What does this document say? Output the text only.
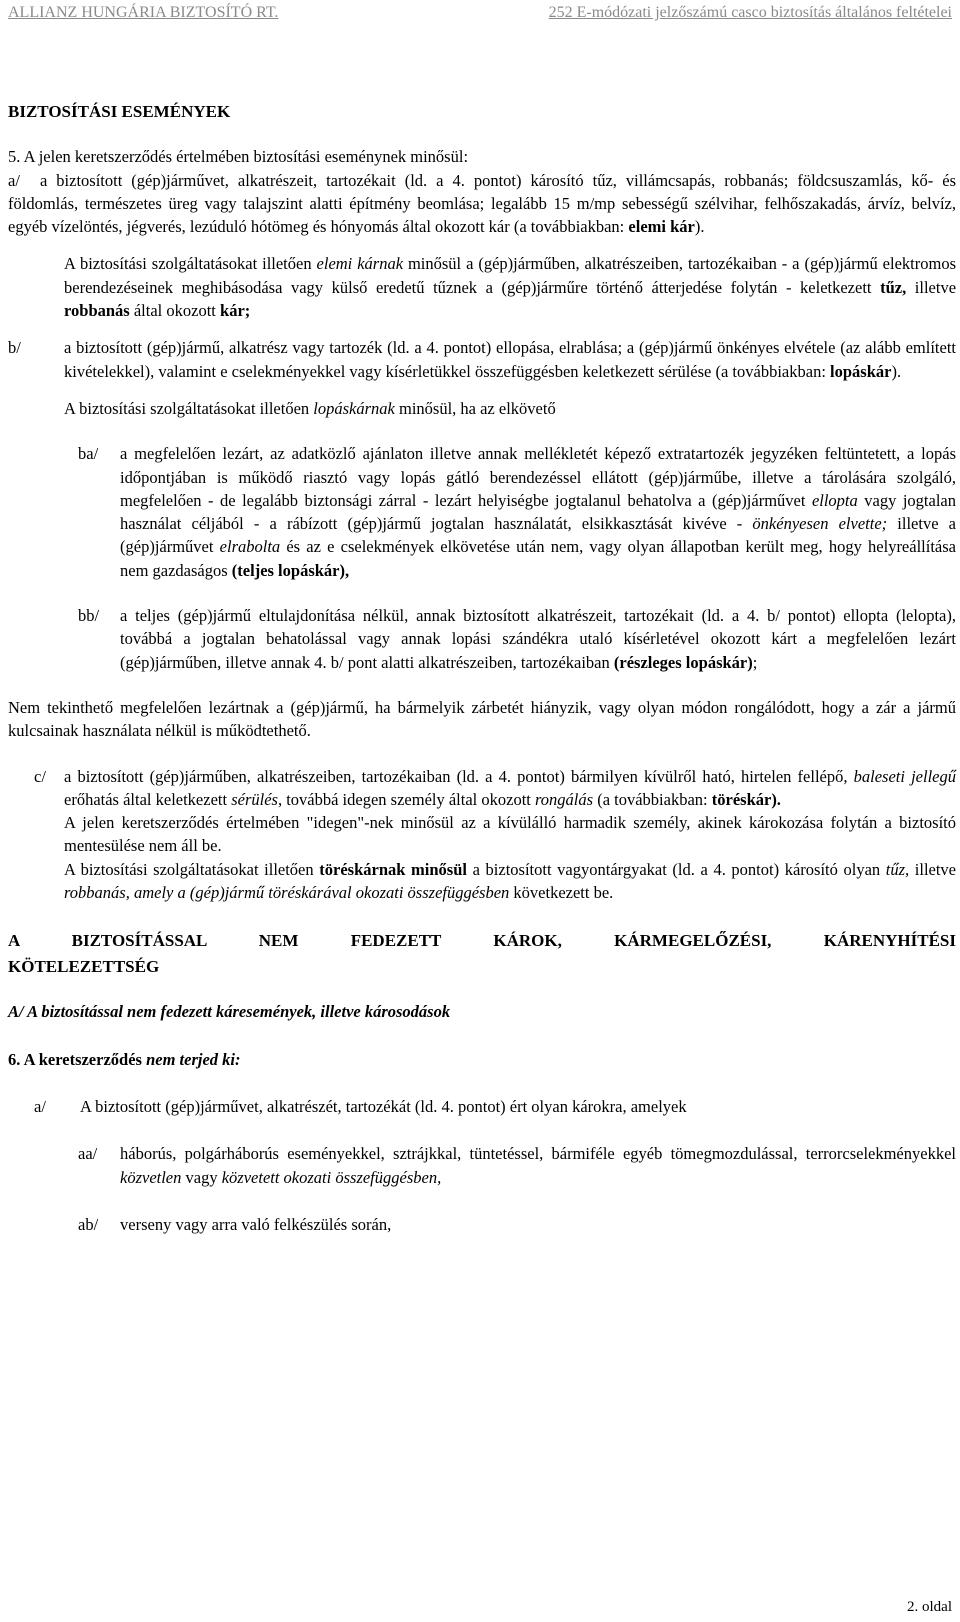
ALLIANZ HUNGÁRIA BIZTOSÍTÓ RT.	252 E-módózati jelzőszámú casco biztosítás általános feltételei

BIZTOSÍTÁSI ESEMÉNYEK

5. A jelen keretszerződés értelmében biztosítási eseménynek minősül:

a/	a biztosított (gép)járművet, alkatrészeit, tartozékait (ld. a 4. pontot) károsító tűz, villámcsapás, robbanás; földcsuszamlás, kő- és földomlás, természetes üreg vagy talajszint alatti építmény beomlása; legalább 15 m/mp sebességű szélvihar, felhőszakadás, árvíz, belvíz, egyéb vízelöntés, jégverés, lezúduló hótömeg és hónyomás által okozott kár (a továbbiakban: elemi kár).

A biztosítási szolgáltatásokat illetően elemi kárnak minősül a (gép)járműben, alkatrészeiben, tartozékaiban - a (gép)jármű elektromos berendezéseinek meghibásodása vagy külső eredetű tűznek a (gép)járműre történő átterjedése folytán - keletkezett tűz, illetve robbanás által okozott kár;

b/	a biztosított (gép)jármű, alkatrész vagy tartozék (ld. a 4. pontot) ellopása, elrablása; a (gép)jármű önkényes elvétele (az alább említett kivételekkel), valamint e cselekményekkel vagy kísérletükkel összefüggésben keletkezett sérülése (a továbbiakban: lopáskár).

A biztosítási szolgáltatásokat illetően lopáskárnak minősül, ha az elkövető

ba/	a megfelelően lezárt, az adatközlő ajánlaton illetve annak mellékletét képező extratartozék jegyzéken feltüntetett, a lopás időpontjában is működő riasztó vagy lopás gátló berendezéssel ellátott (gép)járműbe, illetve a tárolására szolgáló, megfelelően - de legalább biztonsági zárral - lezárt helyiségbe jogtalanul behatolva a (gép)járművet ellopta vagy jogtalan használat céljából - a rábízott (gép)jármű jogtalan használatát, elsikkasztását kivéve - önkényesen elvette; illetve a (gép)járművet elrabolta és az e cselekmények elkövetése után nem, vagy olyan állapotban került meg, hogy helyreállítása nem gazdaságos (teljes lopáskár),

bb/	a teljes (gép)jármű eltulajdonítása nélkül, annak biztosított alkatrészeit, tartozékait (ld. a 4. b/ pontot) ellopta (lelopta), továbbá a jogtalan behatolással vagy annak lopási szándékra utaló kísérletével okozott kárt a megfelelően lezárt (gép)járműben, illetve annak 4. b/ pont alatti alkatrészeiben, tartozékaiban (részleges lopáskár);

Nem tekinthető megfelelően lezártnak a (gép)jármű, ha bármelyik zárbetét hiányzik, vagy olyan módon rongálódott, hogy a zár a jármű kulcsainak használata nélkül is működtethető.

c/	a biztosított (gép)járműben, alkatrészeiben, tartozékaiban (ld. a 4. pontot) bármilyen kívülről ható, hirtelen fellépő, baleseti jellegű erőhatás által keletkezett sérülés, továbbá idegen személy által okozott rongálás (a továbbiakban: töréskár).

A jelen keretszerződés értelmében "idegen"-nek minősül az a kívülálló harmadik személy, akinek károkozása folytán a biztosító mentesülése nem áll be.

A biztosítási szolgáltatásokat illetően töréskárnak minősül a biztosított vagyontárgyakat (ld. a 4. pontot) károsító olyan tűz, illetve robbanás, amely a (gép)jármű töréskárával okozati összefüggésben következett be.

A BIZTOSÍTÁSSAL NEM FEDEZETT KÁROK, KÁRMEGELŐZÉSI, KÁRENYHÍTÉSI
KÖTELEZETTSÉG

A/ A biztosítással nem fedezett káresemények, illetve károsodások

6. A keretszerződés nem terjed ki:

a/	A biztosított (gép)járművet, alkatrészét, tartozékát (ld. 4. pontot) ért olyan károkra, amelyek

aa/	háborús, polgárháborús eseményekkel, sztrájkkal, tüntetéssel, bármiféle egyéb tömegmozdulással, terrorcselekményekkel közvetlen vagy közvetett okozati összefüggésben,

ab/	verseny vagy arra való felkészülés során,

2. oldal
